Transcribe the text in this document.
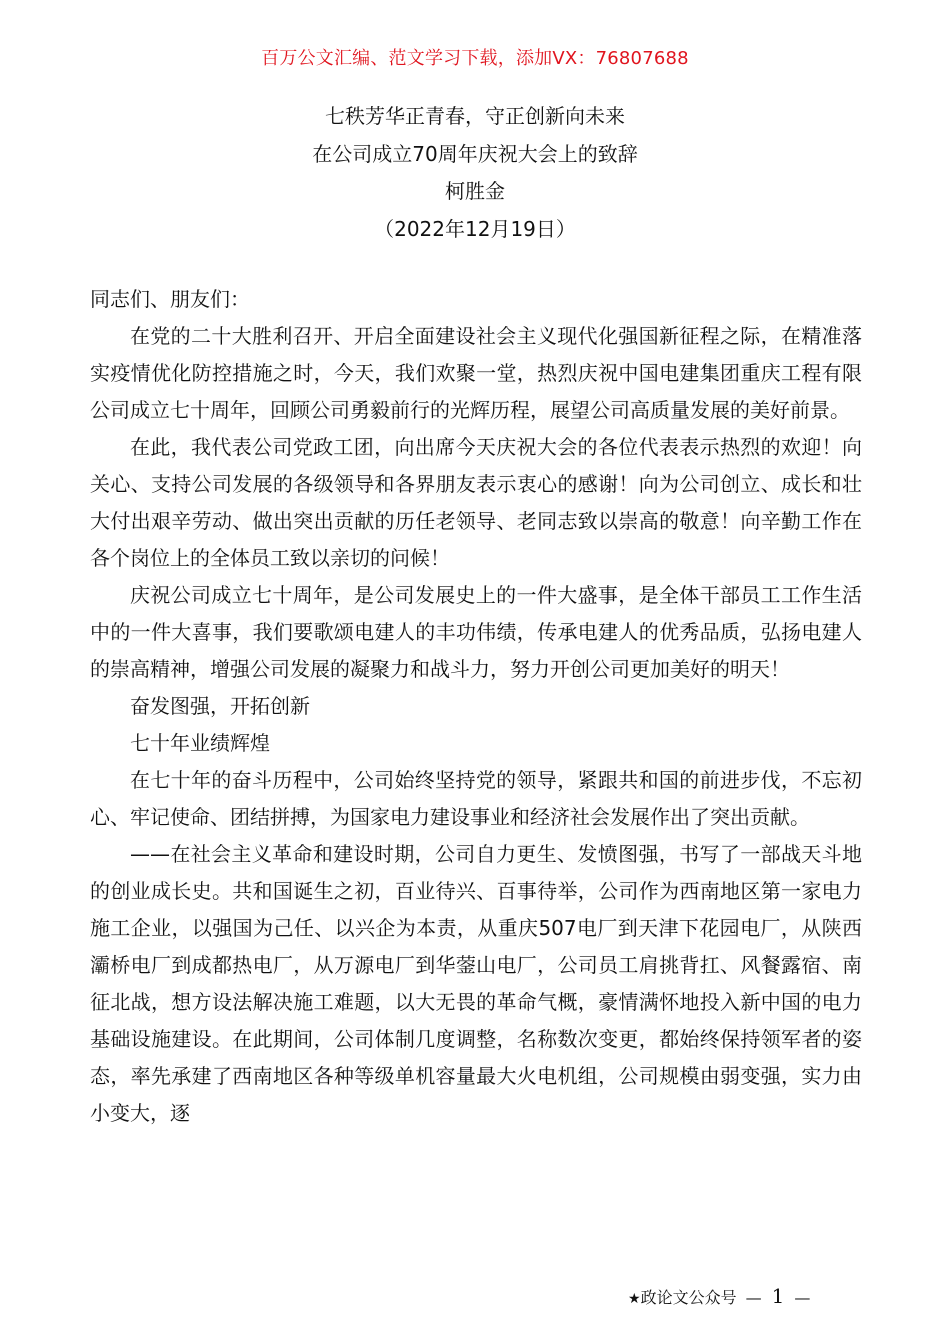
百万公文汇编、范文学习下载，添加VX：76807688
七秩芳华正青春，守正创新向未来
在公司成立70周年庆祝大会上的致辞
柯胜金
（2022年12月19日）

同志们、朋友们：

在党的二十大胜利召开、开启全面建设社会主义现代化强国新征程之际，在精准落实疫情优化防控措施之时，今天，我们欢聚一堂，热烈庆祝中国电建集团重庆工程有限公司成立七十周年，回顾公司勇毅前行的光辉历程，展望公司高质量发展的美好前景。

在此，我代表公司党政工团，向出席今天庆祝大会的各位代表表示热烈的欢迎！向关心、支持公司发展的各级领导和各界朋友表示衷心的感谢！向为公司创立、成长和壮大付出艰辛劳动、做出突出贡献的历任老领导、老同志致以崇高的敬意！向辛勤工作在各个岗位上的全体员工致以亲切的问候！

庆祝公司成立七十周年，是公司发展史上的一件大盛事，是全体干部员工工作生活中的一件大喜事，我们要歌颂电建人的丰功伟绩，传承电建人的优秀品质，弘扬电建人的崇高精神，增强公司发展的凝聚力和战斗力，努力开创公司更加美好的明天！

奋发图强，开拓创新

七十年业绩辉煌

在七十年的奋斗历程中，公司始终坚持党的领导，紧跟共和国的前进步伐，不忘初心、牢记使命、团结拼搏，为国家电力建设事业和经济社会发展作出了突出贡献。

——在社会主义革命和建设时期，公司自力更生、发愤图强，书写了一部战天斗地的创业成长史。共和国诞生之初，百业待兴、百事待举，公司作为西南地区第一家电力施工企业，以强国为己任、以兴企为本责，从重庆507电厂到天津下花园电厂，从陕西灞桥电厂到成都热电厂，从万源电厂到华蓥山电厂，公司员工肩挑背扛、风餐露宿、南征北战，想方设法解决施工难题，以大无畏的革命气概，豪情满怀地投入新中国的电力基础设施建设。在此期间，公司体制几度调整，名称数次变更，都始终保持领军者的姿态，率先承建了西南地区各种等级单机容量最大火电机组，公司规模由弱变强，实力由小变大，逐

★政论文公众号 — 1 —
